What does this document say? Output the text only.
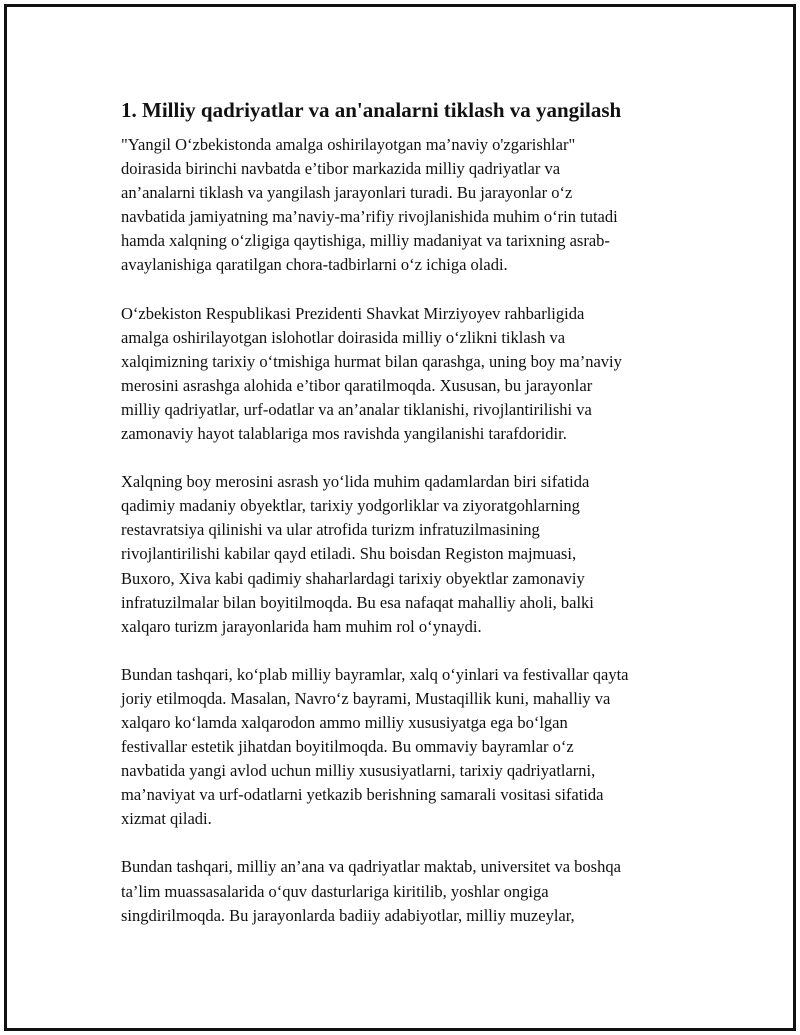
1. Milliy qadriyatlar va an'analarni tiklash va yangilash
"Yangil O‘zbekistonda amalga oshirilayotgan ma’naviy o'zgarishlar"
doirasida birinchi navbatda e’tibor markazida milliy qadriyatlar va
an’analarni tiklash va yangilash jarayonlari turadi. Bu jarayonlar o‘z
navbatida jamiyatning ma’naviy-ma’rifiy rivojlanishida muhim o‘rin tutadi
hamda xalqning o‘zligiga qaytishiga, milliy madaniyat va tarixning asrab-
avaylanishiga qaratilgan chora-tadbirlarni o‘z ichiga oladi.
O‘zbekiston Respublikasi Prezidenti Shavkat Mirziyoyev rahbarligida
amalga oshirilayotgan islohotlar doirasida milliy o‘zlikni tiklash va
xalqimizning tarixiy o‘tmishiga hurmat bilan qarashga, uning boy ma’naviy
merosini asrashga alohida e’tibor qaratilmoqda. Xususan, bu jarayonlar
milliy qadriyatlar, urf-odatlar va an’analar tiklanishi, rivojlantirilishi va
zamonaviy hayot talablariga mos ravishda yangilanishi tarafdoridir.
Xalqning boy merosini asrash yo‘lida muhim qadamlardan biri sifatida
qadimiy madaniy obyektlar, tarixiy yodgorliklar va ziyoratgohlarning
restavratsiya qilinishi va ular atrofida turizm infratuzilmasining
rivojlantirilishi kabilar qayd etiladi. Shu boisdan Registon majmuasi,
Buxoro, Xiva kabi qadimiy shaharlardagi tarixiy obyektlar zamonaviy
infratuzilmalar bilan boyitilmoqda. Bu esa nafaqat mahalliy aholi, balki
xalqaro turizm jarayonlarida ham muhim rol o‘ynaydi.
Bundan tashqari, ko‘plab milliy bayramlar, xalq o‘yinlari va festivallar qayta
joriy etilmoqda. Masalan, Navro‘z bayrami, Mustaqillik kuni, mahalliy va
xalqaro ko‘lamda xalqarodon ammo milliy xususiyatga ega bo‘lgan
festivallar estetik jihatdan boyitilmoqda. Bu ommaviy bayramlar o‘z
navbatida yangi avlod uchun milliy xususiyatlarni, tarixiy qadriyatlarni,
ma’naviyat va urf-odatlarni yetkazib berishning samarali vositasi sifatida
xizmat qiladi.
Bundan tashqari, milliy an’ana va qadriyatlar maktab, universitet va boshqa
ta’lim muassasalarida o‘quv dasturlariga kiritilib, yoshlar ongiga
singdirilmoqda. Bu jarayonlarda badiiy adabiyotlar, milliy muzeylar,
